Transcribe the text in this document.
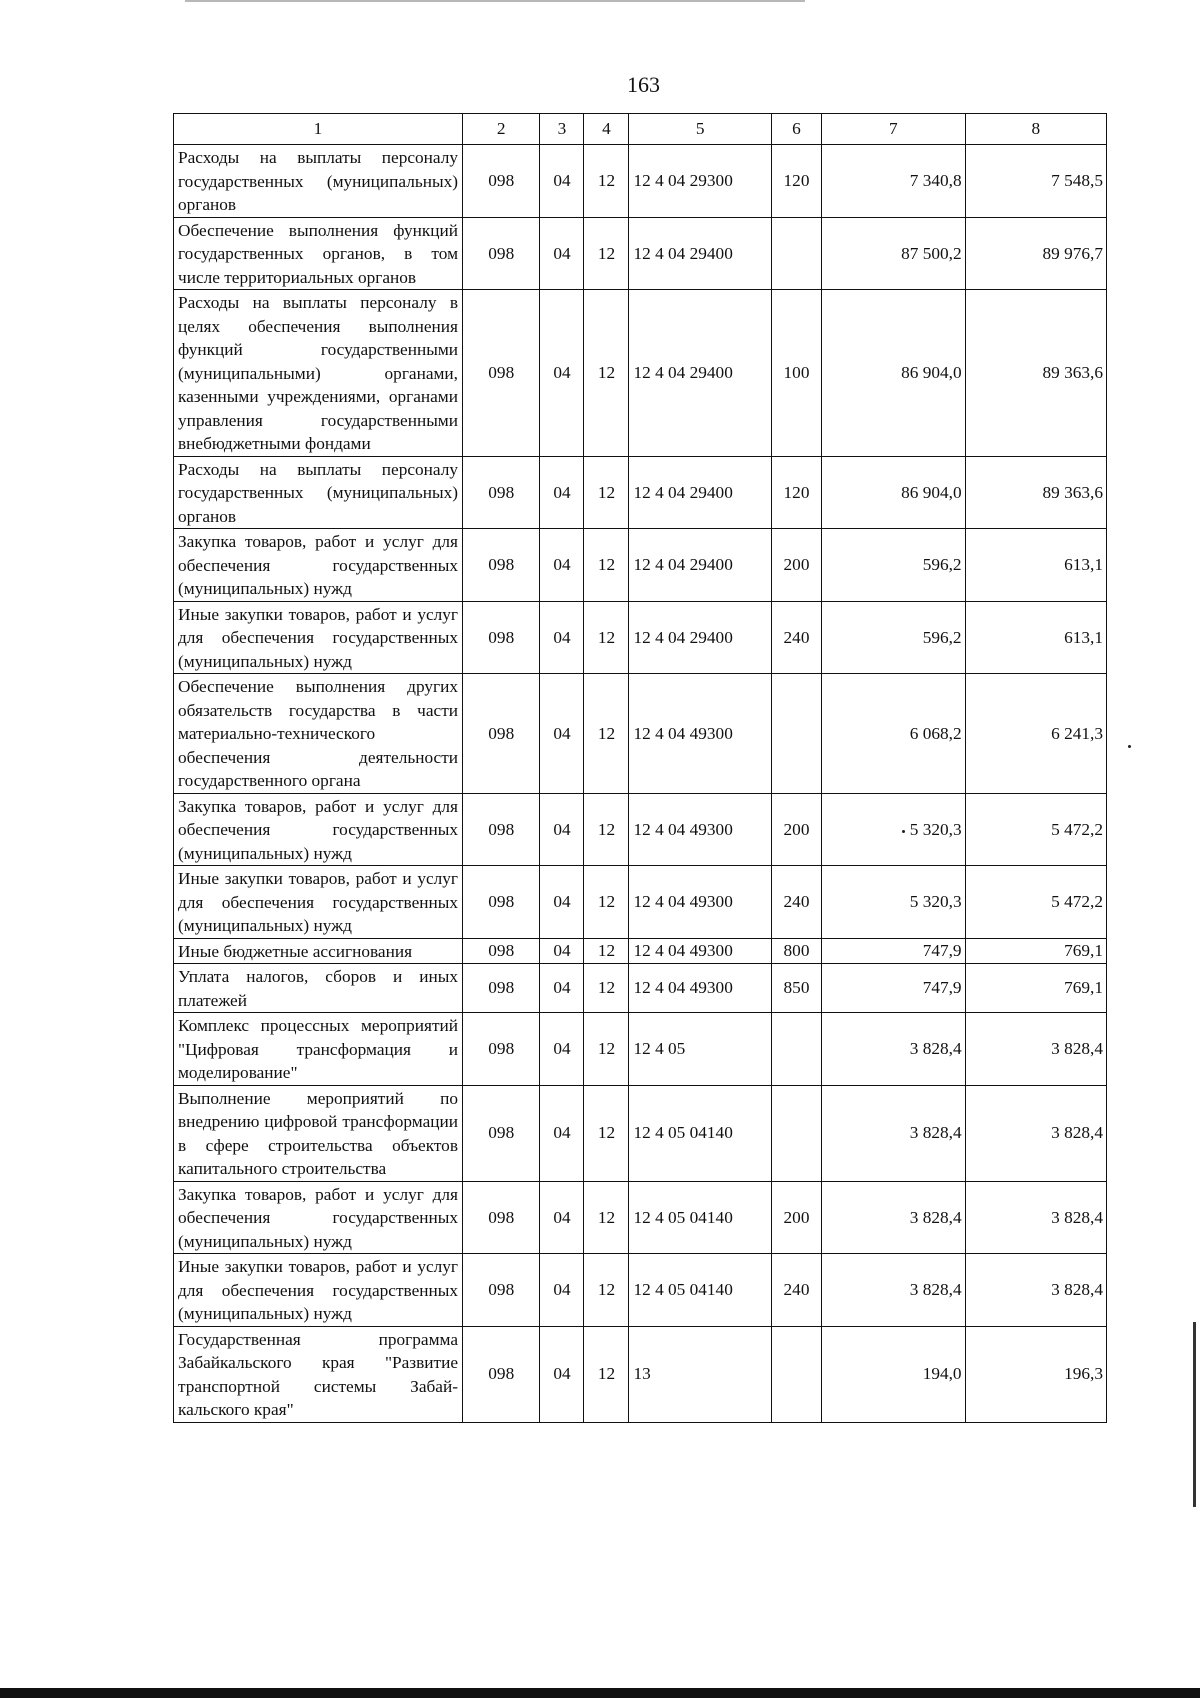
163
1	2	3	4	5	6	7	8
Расходы на выплаты персоналу государственных (муниципальных) органов	098	04	12	12 4 04 29300	120	7 340,8	7 548,5
Обеспечение выполнения функций государственных органов, в том числе территориальных органов	098	04	12	12 4 04 29400		87 500,2	89 976,7
Расходы на выплаты персоналу в целях обеспечения выполнения функций государственными (муниципальными) органами, казенными учреждениями, органами управления государственными внебюджетными фондами	098	04	12	12 4 04 29400	100	86 904,0	89 363,6
Расходы на выплаты персоналу государственных (муниципальных) органов	098	04	12	12 4 04 29400	120	86 904,0	89 363,6
Закупка товаров, работ и услуг для обеспечения государственных (муниципальных) нужд	098	04	12	12 4 04 29400	200	596,2	613,1
Иные закупки товаров, работ и услуг для обеспечения государственных (муниципальных) нужд	098	04	12	12 4 04 29400	240	596,2	613,1
Обеспечение выполнения других обязательств государства в части материально-технического обеспечения деятельности государственного органа	098	04	12	12 4 04 49300		6 068,2	6 241,3
Закупка товаров, работ и услуг для обеспечения государственных (муниципальных) нужд	098	04	12	12 4 04 49300	200	5 320,3	5 472,2
Иные закупки товаров, работ и услуг для обеспечения государственных (муниципальных) нужд	098	04	12	12 4 04 49300	240	5 320,3	5 472,2
Иные бюджетные ассигнования	098	04	12	12 4 04 49300	800	747,9	769,1
Уплата налогов, сборов и иных платежей	098	04	12	12 4 04 49300	850	747,9	769,1
Комплекс процессных мероприятий "Цифровая трансформация и моделирование"	098	04	12	12 4 05		3 828,4	3 828,4
Выполнение мероприятий по внедрению цифровой трансформации в сфере строительства объектов капитального строительства	098	04	12	12 4 05 04140		3 828,4	3 828,4
Закупка товаров, работ и услуг для обеспечения государственных (муниципальных) нужд	098	04	12	12 4 05 04140	200	3 828,4	3 828,4
Иные закупки товаров, работ и услуг для обеспечения государственных (муниципальных) нужд	098	04	12	12 4 05 04140	240	3 828,4	3 828,4
Государственная программа Забайкальского края "Развитие транспортной системы Забайкальского края"	098	04	12	13		194,0	196,3
